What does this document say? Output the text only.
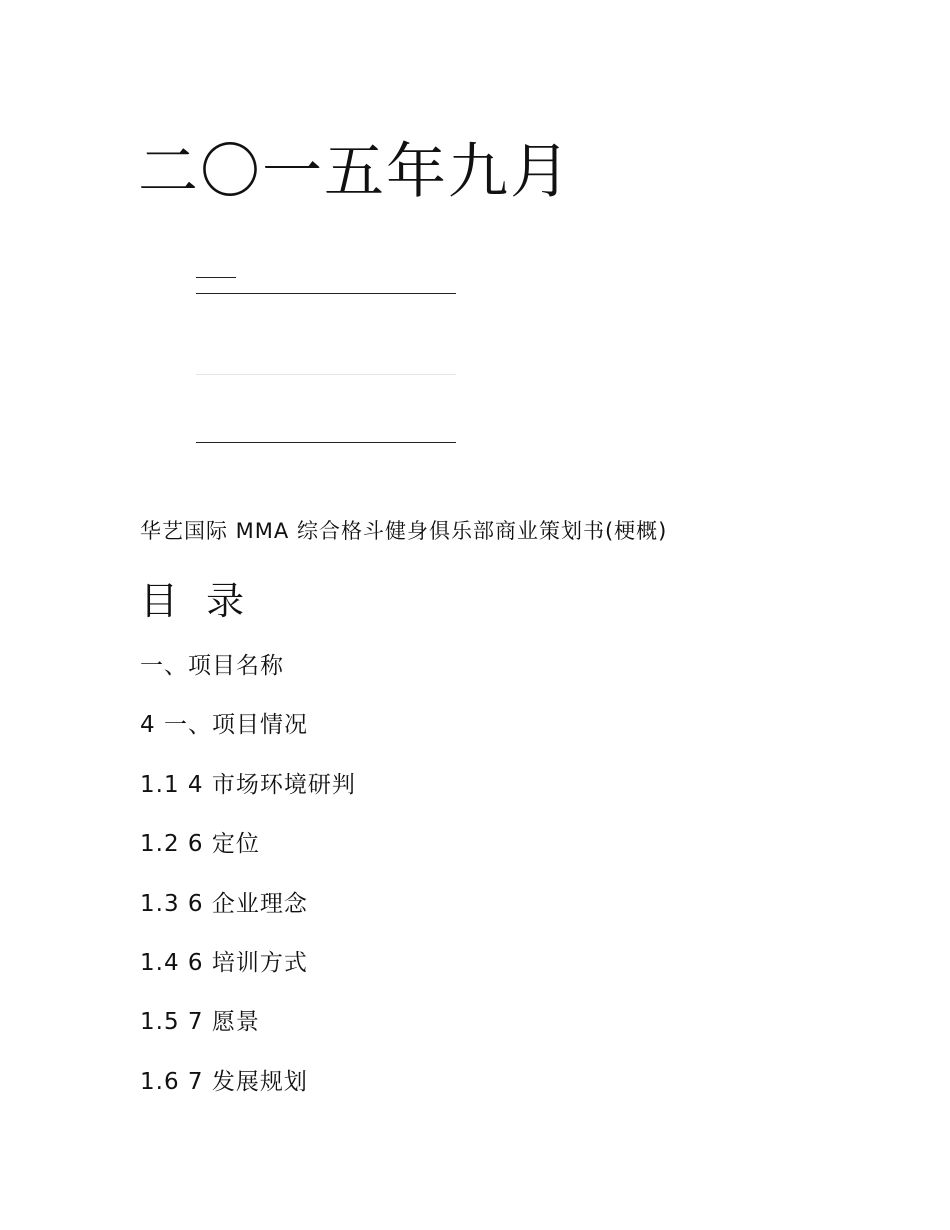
二〇一五年九月

华艺国际 MMA 综合格斗健身俱乐部商业策划书(梗概)

目 录
一、项目名称
4 一、项目情况
1.1 4 市场环境研判
1.2 6 定位
1.3 6 企业理念
1.4 6 培训方式
1.5 7 愿景
1.6 7 发展规划
